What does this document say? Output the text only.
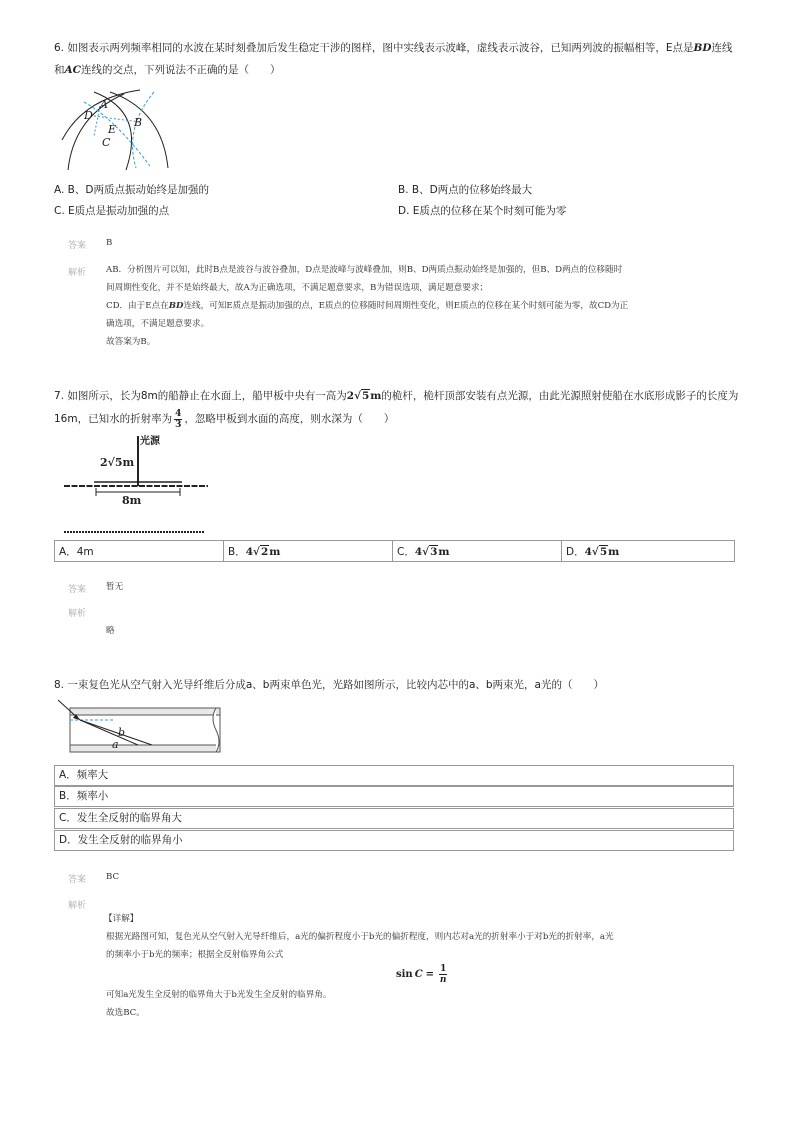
6. 如图表示两列频率相同的水波在某时刻叠加后发生稳定干涉的图样，图中实线表示波峰，虚线表示波谷，已知两列波的振幅相等，E点是BD连线
和AC连线的交点，下列说法不正确的是（　　）
A
D
E
B
C
A. B、D两质点振动始终是加强的	B. B、D两点的位移始终最大
C. E质点是振动加强的点	D. E质点的位移在某个时刻可能为零
答案 B
解析 AB．分析图片可以知，此时B点是波谷与波谷叠加，D点是波峰与波峰叠加，则B、D两质点振动始终是加强的，但B、D两点的位移随时
间周期性变化，并不是始终最大，故A为正确选项，不满足题意要求，B为错误选项，满足题意要求；
CD．由于E点在BD连线，可知E质点是振动加强的点，E质点的位移随时间周期性变化，则E质点的位移在某个时刻可能为零，故CD为正
确选项，不满足题意要求。
故答案为B。
7. 如图所示，长为8m的船静止在水面上，船甲板中央有一高为2√5m的桅杆，桅杆顶部安装有点光源，由此光源照射使船在水底形成影子的长度为
16m，已知水的折射率为 $\frac{4}{3}$ ，忽略甲板到水面的高度，则水深为（　　）
光源
2√5m
8m
A．4m	B．4√2m	C．4√3m	D．4√5m
答案 暂无
解析
略
8. 一束复色光从空气射入光导纤维后分成a、b两束单色光，光路如图所示，比较内芯中的a、b两束光，a光的（　　）
b
a
A．频率大
B．频率小
C．发生全反射的临界角大
D．发生全反射的临界角小
答案 BC
解析
【详解】
根据光路图可知，复色光从空气射入光导纤维后，a光的偏折程度小于b光的偏折程度，则内芯对a光的折射率小于对b光的折射率，a光
的频率小于b光的频率；根据全反射临界角公式
$\sin C = \frac{1}{n}$
可知a光发生全反射的临界角大于b光发生全反射的临界角。
故选BC。
